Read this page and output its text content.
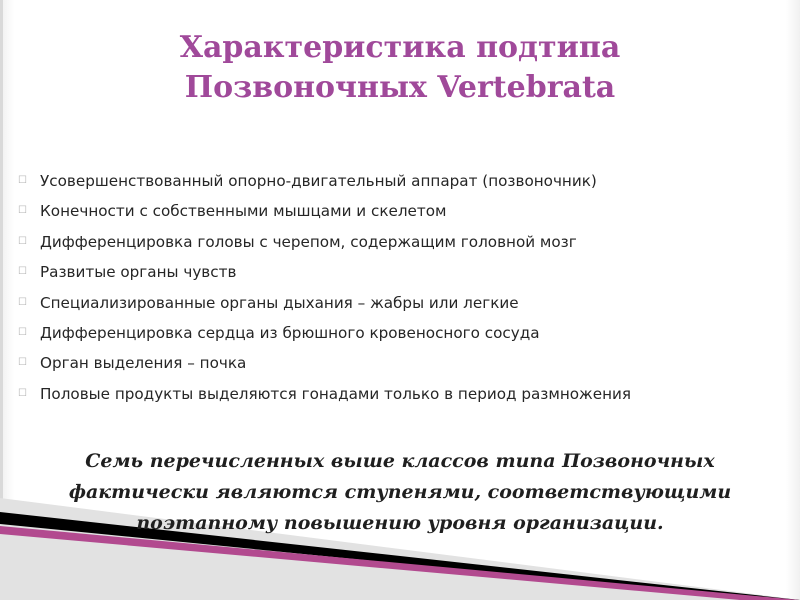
Характеристика подтипа
Позвоночных Vertebrata
☐ Усовершенствованный опорно-двигательный аппарат (позвоночник)
☐ Конечности с собственными мышцами и скелетом
☐ Дифференцировка головы с черепом, содержащим головной мозг
☐ Развитые органы чувств
☐ Специализированные органы дыхания – жабры или легкие
☐ Дифференцировка сердца из брюшного кровеносного сосуда
☐ Орган выделения – почка
☐ Половые продукты выделяются гонадами только в период размножения
Семь перечисленных выше классов типа Позвоночных
фактически являются ступенями, соответствующими
поэтапному повышению уровня организации.
